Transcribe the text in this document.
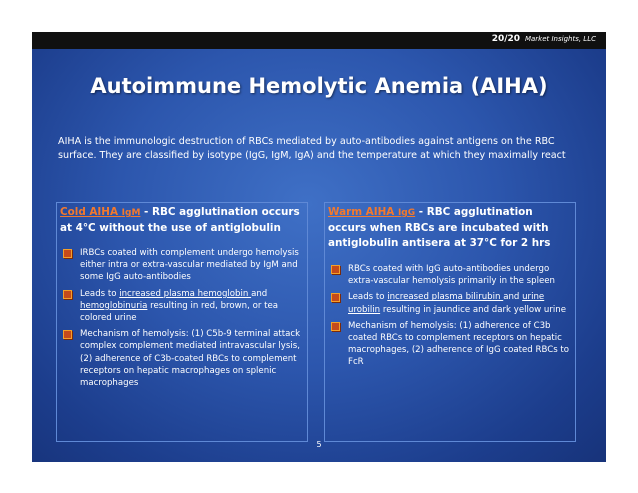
20/20 Market Insights, LLC
Autoimmune Hemolytic Anemia (AIHA)
AIHA is the immunologic destruction of RBCs mediated by auto-antibodies against antigens on the RBC surface. They are classified by isotype (IgG, IgM, IgA) and the temperature at which they maximally react
Cold AIHA IgM - RBC agglutination occurs at 4°C without the use of antiglobulin
IRBCs coated with complement undergo hemolysis either intra or extra-vascular mediated by IgM and some IgG auto-antibodies
Leads to increased plasma hemoglobin and hemoglobinuria resulting in red, brown, or tea colored urine
Mechanism of hemolysis: (1) C5b-9 terminal attack complex complement mediated intravascular lysis, (2) adherence of C3b-coated RBCs to complement receptors on hepatic macrophages on splenic macrophages
Warm AIHA IgG - RBC agglutination occurs when RBCs are incubated with antiglobulin antisera at 37°C for 2 hrs
RBCs coated with IgG auto-antibodies undergo extra-vascular hemolysis primarily in the spleen
Leads to increased plasma bilirubin and urine urobilin resulting in jaundice and dark yellow urine
Mechanism of hemolysis: (1) adherence of C3b coated RBCs to complement receptors on hepatic macrophages, (2) adherence of IgG coated RBCs to FcR
5
